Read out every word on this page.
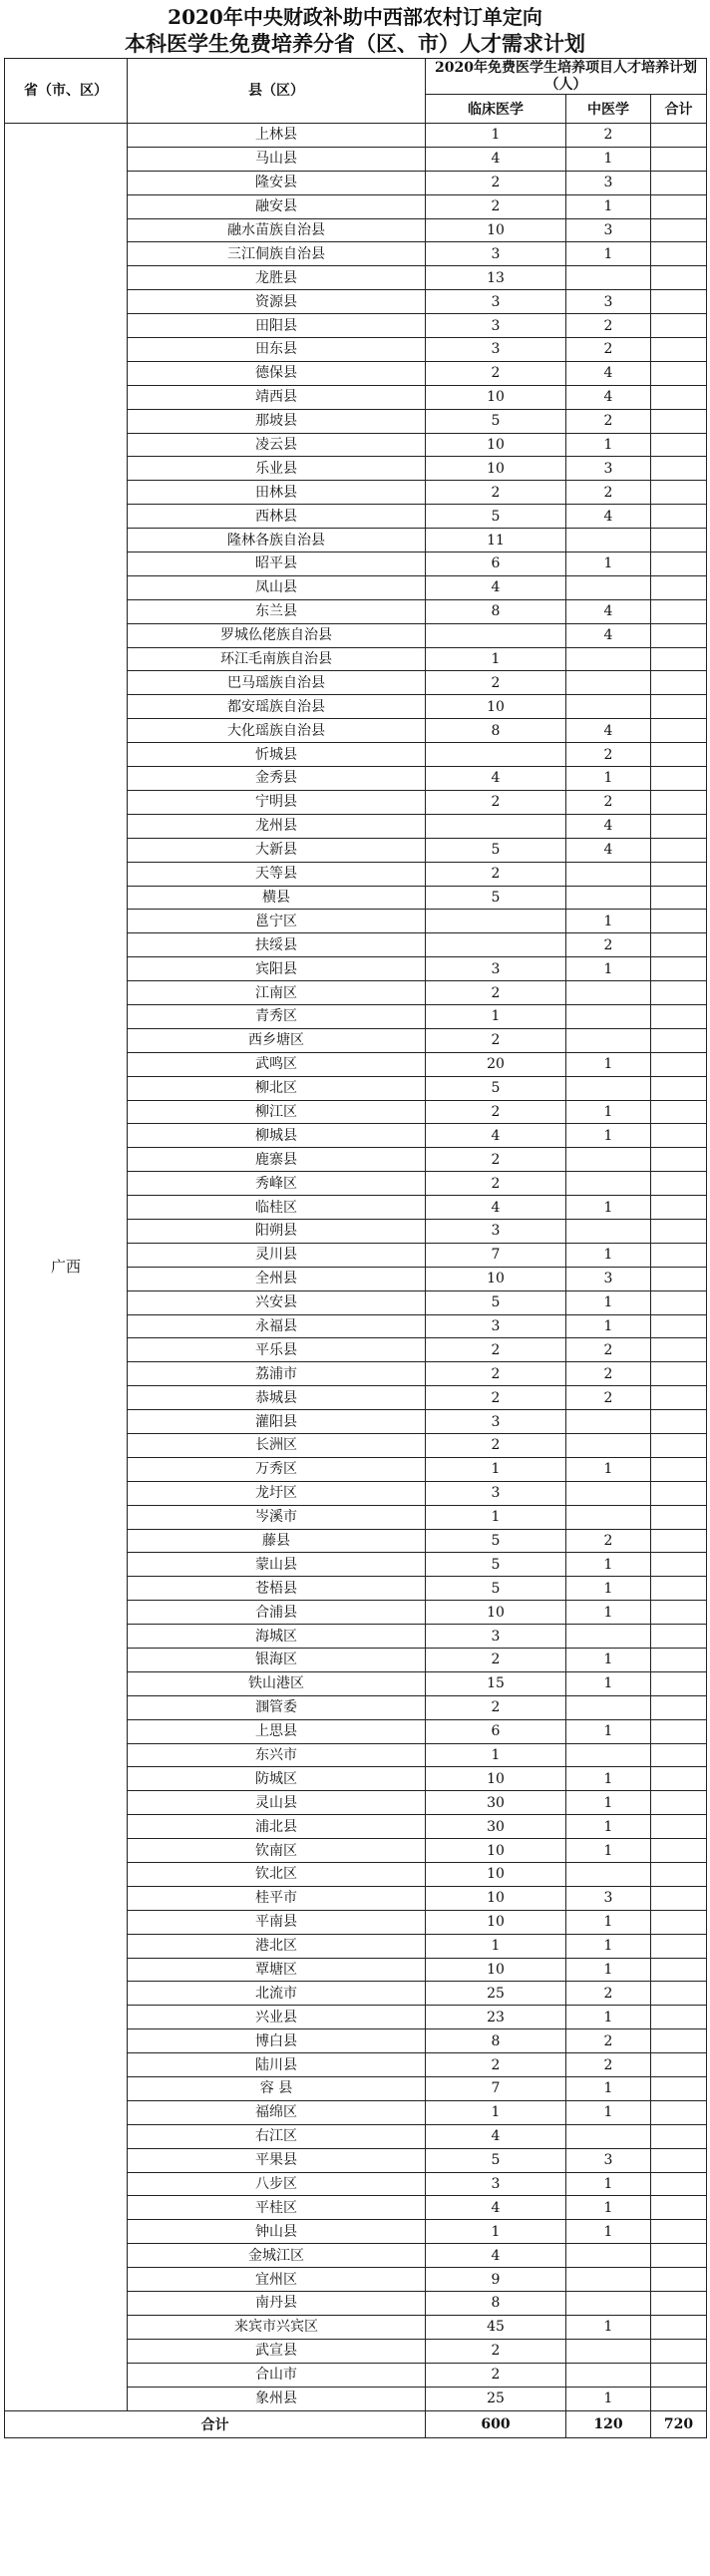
2020年中央财政补助中西部农村订单定向
本科医学生免费培养分省（区、市）人才需求计划
省（市、区）	县（区）	2020年免费医学生培养项目人才培养计划（人）		
		临床医学	中医学	合计
广西	上林县	1	2	
	马山县	4	1	
	隆安县	2	3	
	融安县	2	1	
	融水苗族自治县	10	3	
	三江侗族自治县	3	1	
	龙胜县	13		
	资源县	3	3	
	田阳县	3	2	
	田东县	3	2	
	德保县	2	4	
	靖西县	10	4	
	那坡县	5	2	
	凌云县	10	1	
	乐业县	10	3	
	田林县	2	2	
	西林县	5	4	
	隆林各族自治县	11		
	昭平县	6	1	
	凤山县	4		
	东兰县	8	4	
	罗城仫佬族自治县		4	
	环江毛南族自治县	1		
	巴马瑶族自治县	2		
	都安瑶族自治县	10		
	大化瑶族自治县	8	4	
	忻城县		2	
	金秀县	4	1	
	宁明县	2	2	
	龙州县		4	
	大新县	5	4	
	天等县	2		
	横县	5		
	邕宁区		1	
	扶绥县		2	
	宾阳县	3	1	
	江南区	2		
	青秀区	1		
	西乡塘区	2		
	武鸣区	20	1	
	柳北区	5		
	柳江区	2	1	
	柳城县	4	1	
	鹿寨县	2		
	秀峰区	2		
	临桂区	4	1	
	阳朔县	3		
	灵川县	7	1	
	全州县	10	3	
	兴安县	5	1	
	永福县	3	1	
	平乐县	2	2	
	荔浦市	2	2	
	恭城县	2	2	
	灌阳县	3		
	长洲区	2		
	万秀区	1	1	
	龙圩区	3		
	岑溪市	1		
	藤县	5	2	
	蒙山县	5	1	
	苍梧县	5	1	
	合浦县	10	1	
	海城区	3		
	银海区	2	1	
	铁山港区	15	1	
	涠管委	2		
	上思县	6	1	
	东兴市	1		
	防城区	10	1	
	灵山县	30	1	
	浦北县	30	1	
	钦南区	10	1	
	钦北区	10		
	桂平市	10	3	
	平南县	10	1	
	港北区	1	1	
	覃塘区	10	1	
	北流市	25	2	
	兴业县	23	1	
	博白县	8	2	
	陆川县	2	2	
	容 县	7	1	
	福绵区	1	1	
	右江区	4		
	平果县	5	3	
	八步区	3	1	
	平桂区	4	1	
	钟山县	1	1	
	金城江区	4		
	宜州区	9		
	南丹县	8		
	来宾市兴宾区	45	1	
	武宣县	2		
	合山市	2		
	象州县	25	1	
合计		600	120	720
